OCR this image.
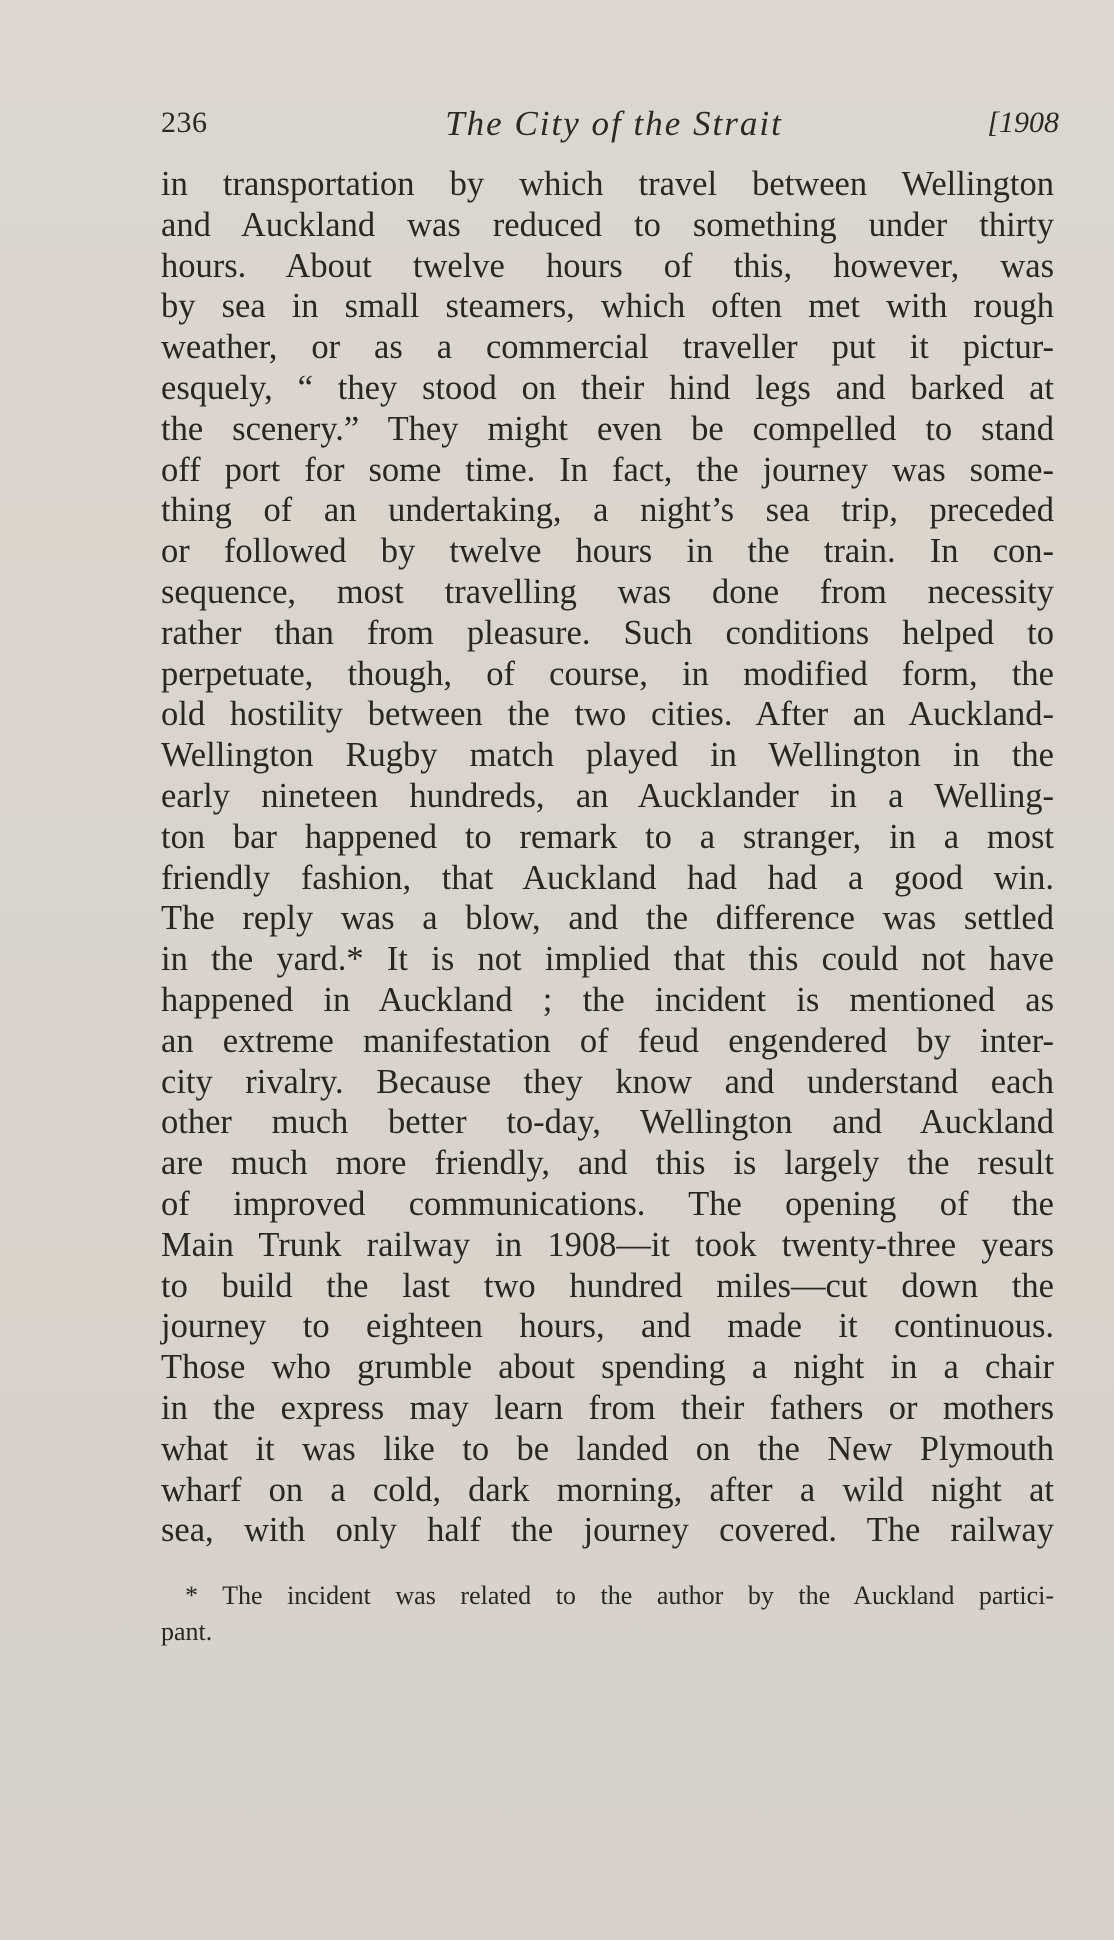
236	The City of the Strait	[1908
in transportation by which travel between Wellington
and Auckland was reduced to something under thirty
hours. About twelve hours of this, however, was
by sea in small steamers, which often met with rough
weather, or as a commercial traveller put it pictur-
esquely, “ they stood on their hind legs and barked at
the scenery.” They might even be compelled to stand
off port for some time. In fact, the journey was some-
thing of an undertaking, a night’s sea trip, preceded
or followed by twelve hours in the train. In con-
sequence, most travelling was done from necessity
rather than from pleasure. Such conditions helped to
perpetuate, though, of course, in modified form, the
old hostility between the two cities. After an Auckland-
Wellington Rugby match played in Wellington in the
early nineteen hundreds, an Aucklander in a Welling-
ton bar happened to remark to a stranger, in a most
friendly fashion, that Auckland had had a good win.
The reply was a blow, and the difference was settled
in the yard.* It is not implied that this could not have
happened in Auckland ; the incident is mentioned as
an extreme manifestation of feud engendered by inter-
city rivalry. Because they know and understand each
other much better to-day, Wellington and Auckland
are much more friendly, and this is largely the result
of improved communications. The opening of the
Main Trunk railway in 1908—it took twenty-three years
to build the last two hundred miles—cut down the
journey to eighteen hours, and made it continuous.
Those who grumble about spending a night in a chair
in the express may learn from their fathers or mothers
what it was like to be landed on the New Plymouth
wharf on a cold, dark morning, after a wild night at
sea, with only half the journey covered. The railway
* The incident was related to the author by the Auckland partici-
pant.
